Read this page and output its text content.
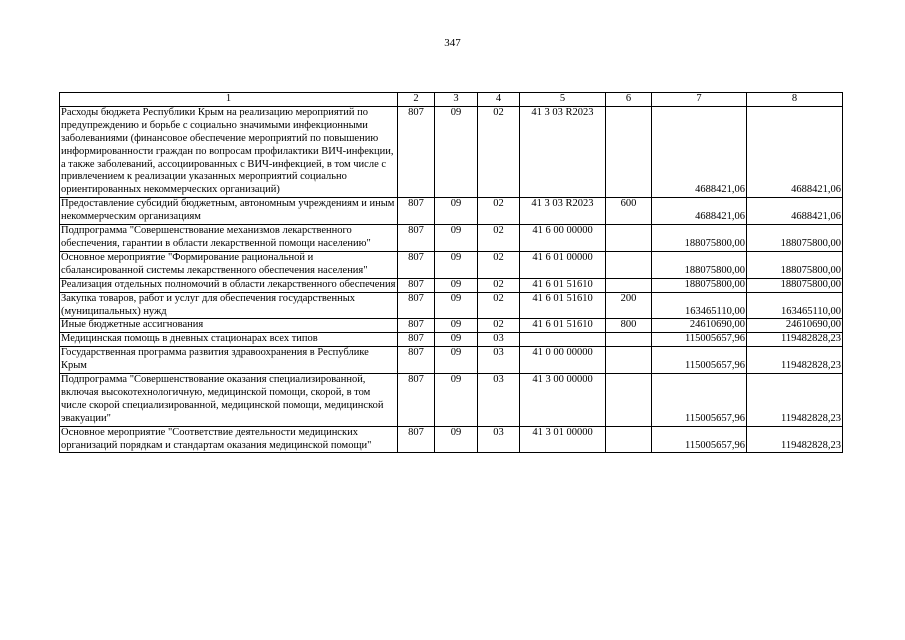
347
1	2	3	4	5	6	7	8
Расходы бюджета Республики Крым на реализацию мероприятий по предупреждению и борьбе с социально значимыми инфекционными заболеваниями (финансовое обеспечение мероприятий по повышению информированности граждан по вопросам профилактики ВИЧ-инфекции, а также заболеваний, ассоциированных с ВИЧ-инфекцией, в том числе с привлечением к реализации указанных мероприятий социально ориентированных некоммерческих организаций)	807	09	02	41 3 03 R2023		4688421,06	4688421,06
Предоставление субсидий бюджетным, автономным учреждениям и иным некоммерческим организациям	807	09	02	41 3 03 R2023	600	4688421,06	4688421,06
Подпрограмма "Совершенствование механизмов лекарственного обеспечения, гарантии в области лекарственной помощи населению"	807	09	02	41 6 00 00000		188075800,00	188075800,00
Основное мероприятие "Формирование рациональной и сбалансированной системы лекарственного обеспечения населения"	807	09	02	41 6 01 00000		188075800,00	188075800,00
Реализация отдельных полномочий в области лекарственного обеспечения	807	09	02	41 6 01 51610		188075800,00	188075800,00
Закупка товаров, работ и услуг для обеспечения государственных (муниципальных) нужд	807	09	02	41 6 01 51610	200	163465110,00	163465110,00
Иные бюджетные ассигнования	807	09	02	41 6 01 51610	800	24610690,00	24610690,00
Медицинская помощь в дневных стационарах всех типов	807	09	03			115005657,96	119482828,23
Государственная программа развития здравоохранения в Республике Крым	807	09	03	41 0 00 00000		115005657,96	119482828,23
Подпрограмма "Совершенствование оказания специализированной, включая высокотехнологичную, медицинской помощи, скорой, в том числе скорой специализированной, медицинской помощи, медицинской эвакуации"	807	09	03	41 3 00 00000		115005657,96	119482828,23
Основное мероприятие "Соответствие деятельности медицинских организаций порядкам и стандартам оказания медицинской помощи"	807	09	03	41 3 01 00000		115005657,96	119482828,23
